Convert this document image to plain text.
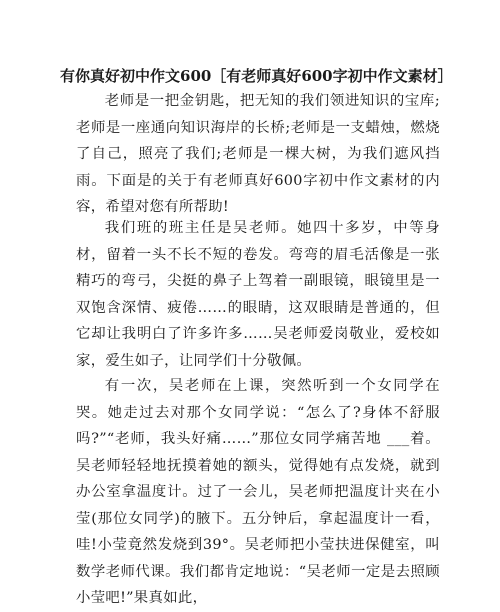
有你真好初中作文600［有老师真好600字初中作文素材］

老师是一把金钥匙，把无知的我们领进知识的宝库;老师是一座通向知识海岸的长桥;老师是一支蜡烛，燃烧了自己，照亮了我们;老师是一棵大树，为我们遮风挡雨。下面是的关于有老师真好600字初中作文素材的内容，希望对您有所帮助!

我们班的班主任是吴老师。她四十多岁，中等身材，留着一头不长不短的卷发。弯弯的眉毛活像是一张精巧的弯弓，尖挺的鼻子上驾着一副眼镜，眼镜里是一双饱含深情、疲倦……的眼睛，这双眼睛是普通的，但它却让我明白了许多许多……吴老师爱岗敬业，爱校如家，爱生如子，让同学们十分敬佩。

有一次，吴老师在上课，突然听到一个女同学在哭。她走过去对那个女同学说：“怎么了?身体不舒服吗?”“老师，我头好痛……”那位女同学痛苦地 ___着。吴老师轻轻地抚摸着她的额头，觉得她有点发烧，就到办公室拿温度计。过了一会儿，吴老师把温度计夹在小莹(那位女同学)的腋下。五分钟后，拿起温度计一看，哇!小莹竟然发烧到39°。吴老师把小莹扶进保健室，叫数学老师代课。我们都肯定地说：“吴老师一定是去照顾小莹吧!”果真如此，
